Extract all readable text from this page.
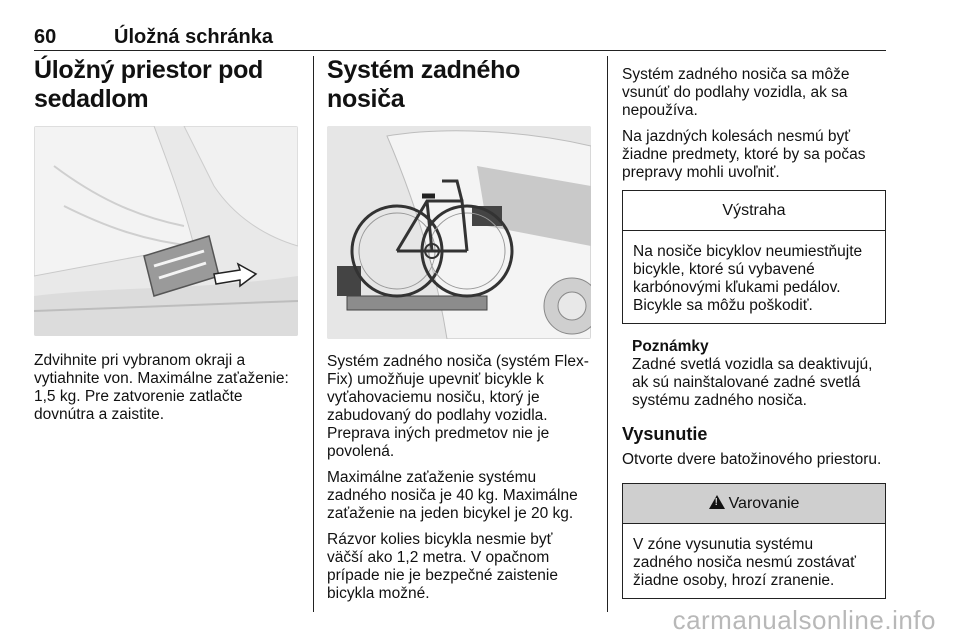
60	Úložná schránka
Úložný priestor pod sedadlom

Zdvihnite pri vybranom okraji a vytiahnite von. Maximálne zaťaženie: 1,5 kg. Pre zatvorenie zatlačte dovnútra a zaistite.

Systém zadného nosiča

Systém zadného nosiča (systém Flex-Fix) umožňuje upevniť bicykle k vyťahovaciemu nosiču, ktorý je zabudovaný do podlahy vozidla. Preprava iných predmetov nie je povolená.

Maximálne zaťaženie systému zadného nosiča je 40 kg. Maximálne zaťaženie na jeden bicykel je 20 kg.

Rázvor kolies bicykla nesmie byť väčší ako 1,2 metra. V opačnom prípade nie je bezpečné zaistenie bicykla možné.

Systém zadného nosiča sa môže vsunúť do podlahy vozidla, ak sa nepoužíva.

Na jazdných kolesách nesmú byť žiadne predmety, ktoré by sa počas prepravy mohli uvoľniť.

Výstraha
Na nosiče bicyklov neumiestňujte bicykle, ktoré sú vybavené karbónovými kľukami pedálov. Bicykle sa môžu poškodiť.
Poznámky

Zadné svetlá vozidla sa deaktivujú, ak sú nainštalované zadné svetlá systému zadného nosiča.

Vysunutie

Otvorte dvere batožinového priestoru.

!Varovanie
V zóne vysunutia systému zadného nosiča nesmú zostávať žiadne osoby, hrozí zranenie.
carmanualsonline.info
